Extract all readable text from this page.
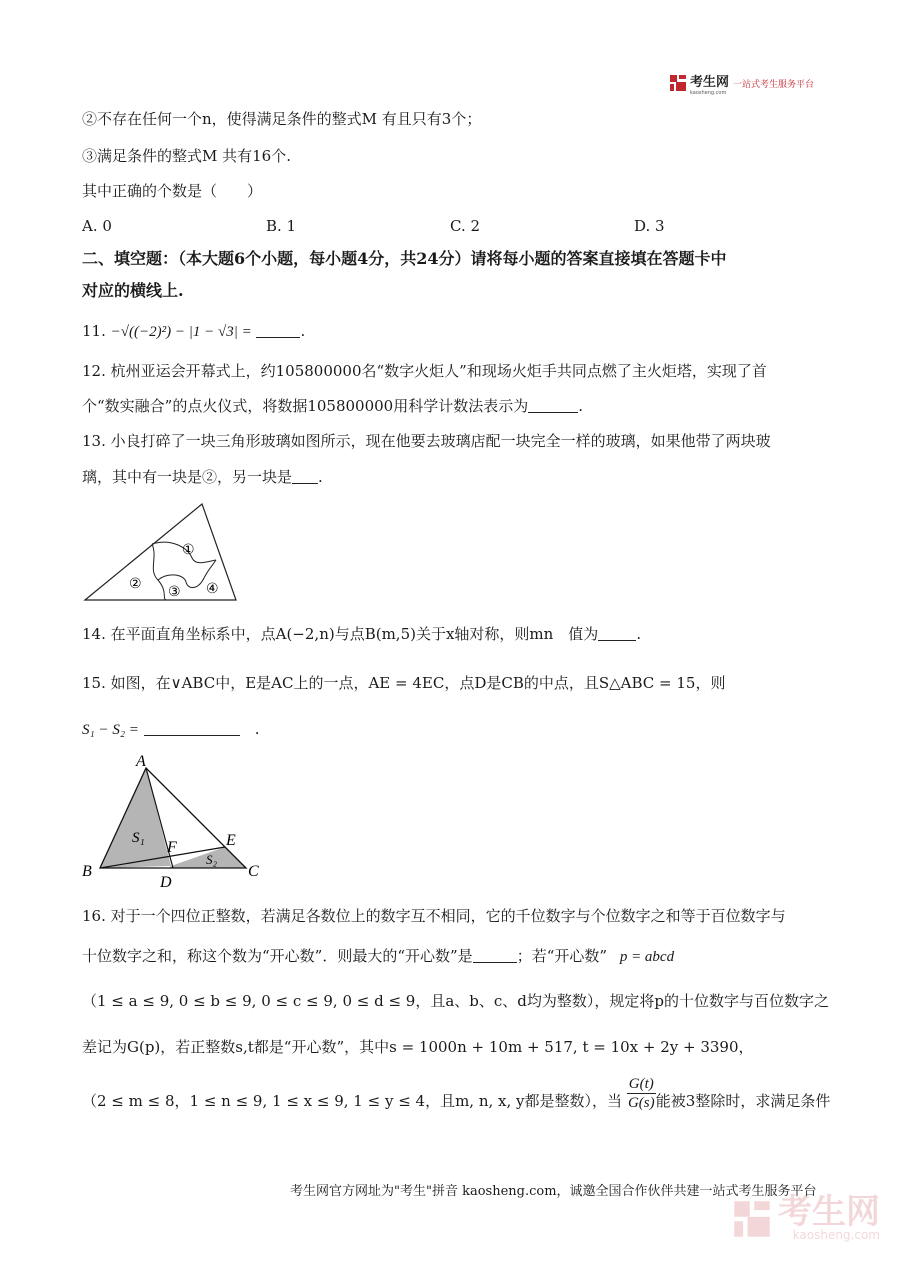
考生网
kaosheng.com
一站式考生服务平台
②不存在任何一个n，使得满足条件的整式M 有且只有3个；
③满足条件的整式M 共有16个.
其中正确的个数是（　　）
A. 0	B. 1	C. 2	D. 3
二、填空题：（本大题6个小题，每小题4分，共24分）请将每小题的答案直接填在答题卡中
对应的横线上.
11. −√((−2)²) − |1 − √3| =	.
12. 杭州亚运会开幕式上，约105800000名“数字火炬人”和现场火炬手共同点燃了主火炬塔，实现了首
个“数实融合”的点火仪式，将数据105800000用科学计数法表示为	.
13. 小良打碎了一块三角形玻璃如图所示，现在他要去玻璃店配一块完全一样的玻璃，如果他带了两块玻
璃，其中有一块是②，另一块是 .
①
② ③ ④
14. 在平面直角坐标系中，点A(−2,n)与点B(m,5)关于x轴对称，则mn　值为	.
15. 如图，在∨ABC中，E是AC上的一点，AE = 4EC，点D是CB的中点，且S△ABC = 15，则
S₁ − S₂ =	　.
A
B	C
D
E
F
S₁
S₂
16. 对于一个四位正整数，若满足各数位上的数字互不相同，它的千位数字与个位数字之和等于百位数字与
十位数字之和，称这个数为“开心数”．则最大的“开心数”是	；若“开心数” p = abcd
（1 ≤ a ≤ 9, 0 ≤ b ≤ 9, 0 ≤ c ≤ 9, 0 ≤ d ≤ 9，且a、b、c、d均为整数），规定将p的十位数字与百位数字之
差记为G(p)，若正整数s,t都是“开心数”，其中s = 1000n + 10m + 517, t = 10x + 2y + 3390，
（2 ≤ m ≤ 8，1 ≤ n ≤ 9, 1 ≤ x ≤ 9, 1 ≤ y ≤ 4，且m, n, x, y都是整数），当 $\frac{G(t)}{G(s)}$ 能被3整除时，求满足条件
考生网官方网址为"考生"拼音 kaosheng.com，诚邀全国合作伙伴共建一站式考生服务平台
考生网
kaosheng.com
